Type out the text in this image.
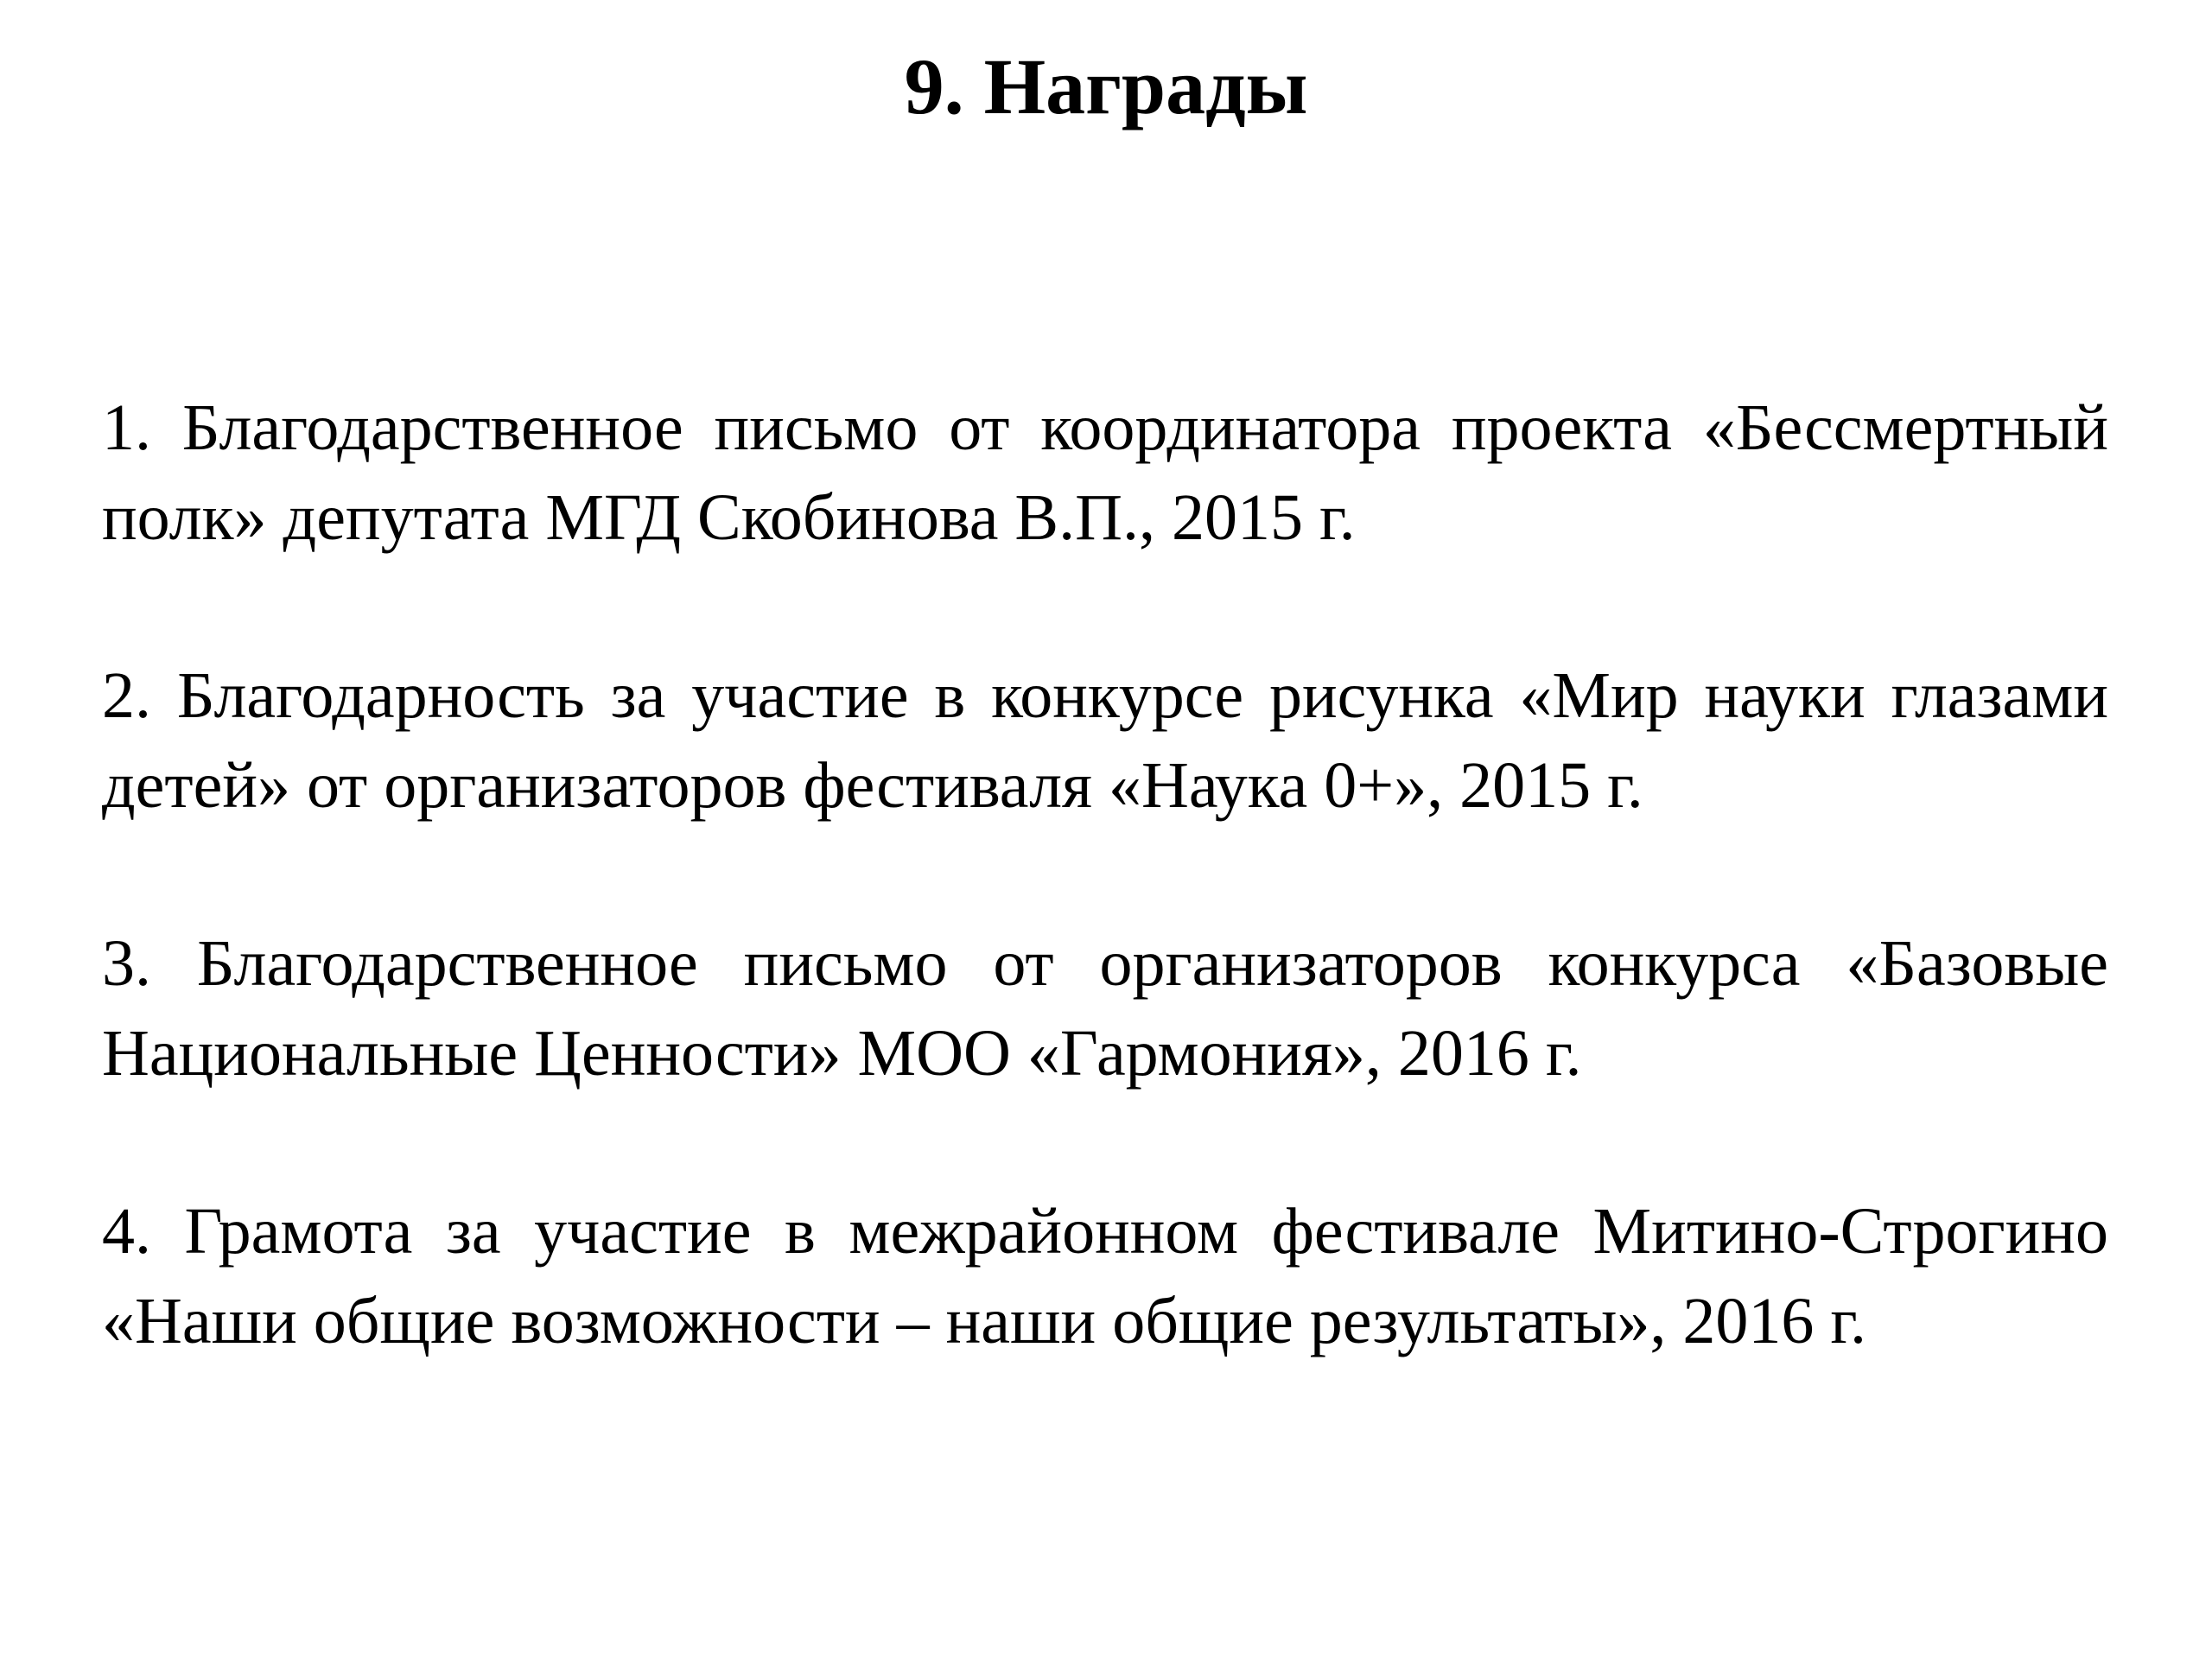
9. Награды
1. Благодарственное письмо от координатора проекта «Бессмертный полк» депутата МГД Скобинова В.П., 2015 г.
2. Благодарность за участие в конкурсе рисунка «Мир науки глазами детей» от организаторов фестиваля «Наука 0+», 2015 г.
3. Благодарственное письмо от организаторов конкурса «Базовые Национальные Ценности» МОО «Гармония», 2016 г.
4. Грамота за участие в межрайонном фестивале Митино-Строгино «Наши общие возможности – наши общие результаты», 2016 г.
